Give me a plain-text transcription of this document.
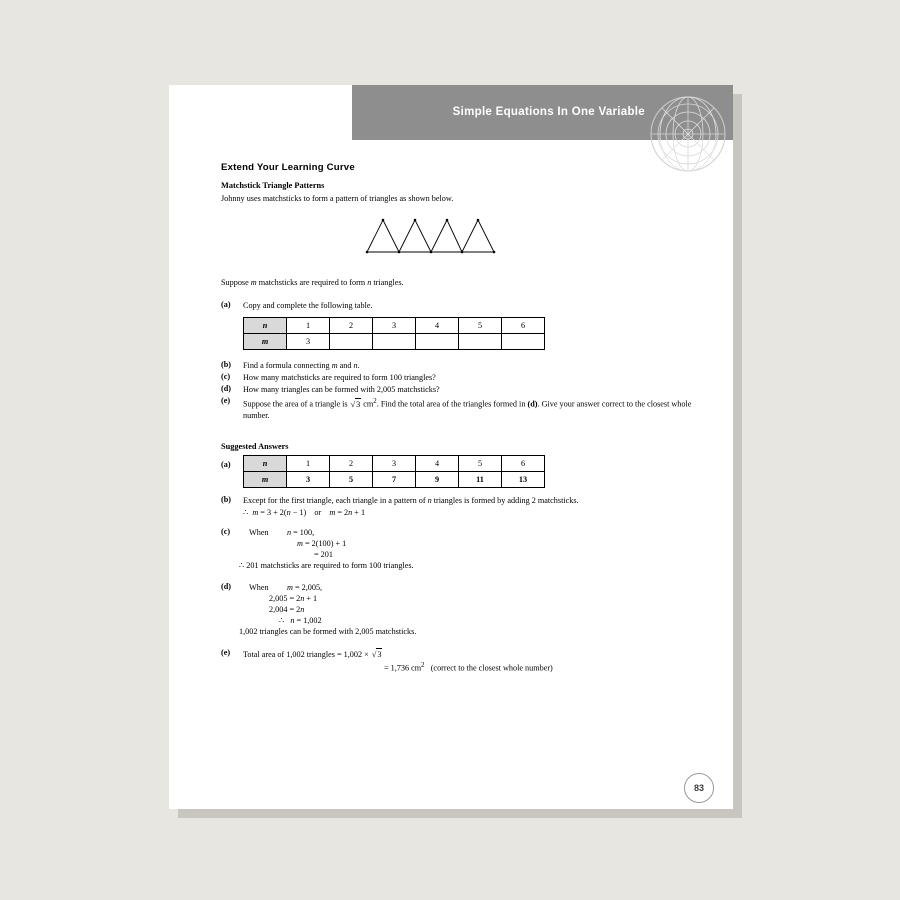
Simple Equations In One Variable
Extend Your Learning Curve
Matchstick Triangle Patterns
Johnny uses matchsticks to form a pattern of triangles as shown below.
Suppose m matchsticks are required to form n triangles.
(a) Copy and complete the following table.
n	1	2	3	4	5	6
m	3					
(b) Find a formula connecting m and n.
(c) How many matchsticks are required to form 100 triangles?
(d) How many triangles can be formed with 2,005 matchsticks?
(e) Suppose the area of a triangle is √3 $cm^2$. Find the total area of the triangles formed in (d). Give your answer correct to the closest whole number.
Suggested Answers
(a)	n	1	2	3	4	5	6
m	3	5	7	9	11	13
(b) Except for the first triangle, each triangle in a pattern of n triangles is formed by adding 2 matchsticks.
∴  m = 3 + 2(n − 1)    or    m = 2n + 1
(c) When n = 100,
m = 2(100) + 1
= 201
∴ 201 matchsticks are required to form 100 triangles.
(d) When m = 2,005,
2,005 = 2n + 1
2,004 = 2n
∴   n = 1,002
1,002 triangles can be formed with 2,005 matchsticks.
(e) Total area of 1,002 triangles = 1,002 × √3
= 1,736 $cm^2$ (correct to the closest whole number)
83
